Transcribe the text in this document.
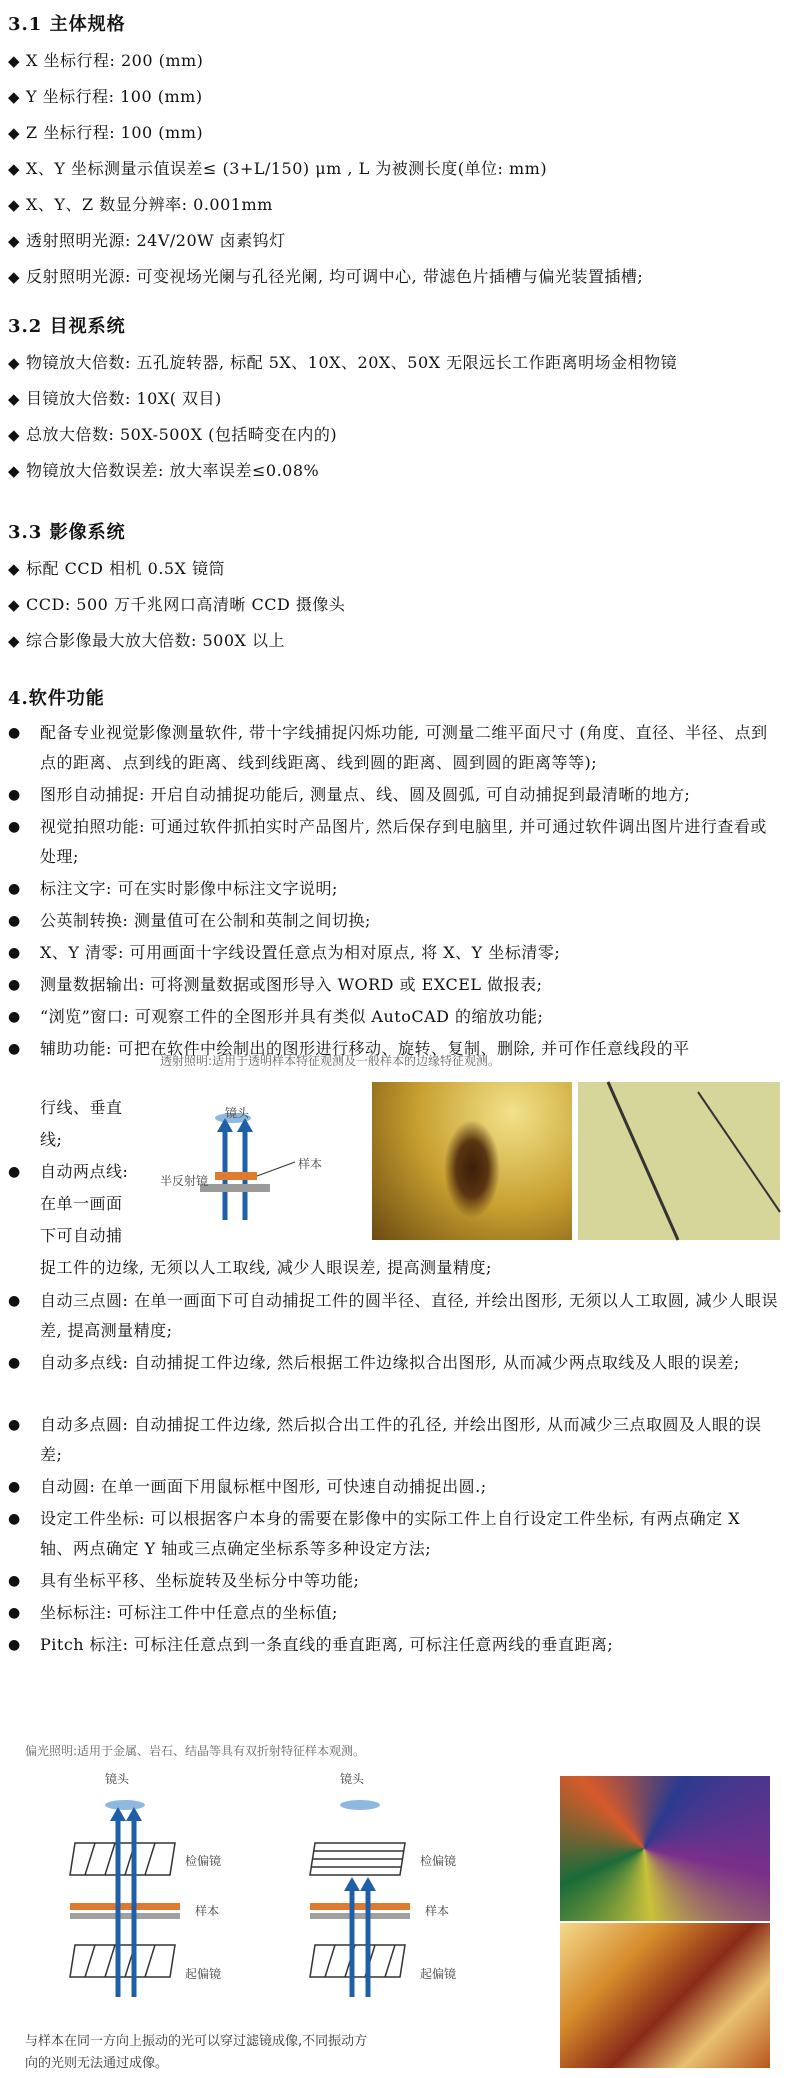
3.1 主体规格
◆ X 坐标行程: 200 (mm)
◆ Y 坐标行程: 100 (mm)
◆ Z 坐标行程: 100 (mm)
◆ X、Y 坐标测量示值误差≤ (3+L/150) μm , L 为被测长度(单位: mm)
◆ X、Y、Z 数显分辨率: 0.001mm
◆ 透射照明光源: 24V/20W 卤素钨灯
◆ 反射照明光源: 可变视场光阑与孔径光阑, 均可调中心, 带滤色片插槽与偏光装置插槽;
3.2 目视系统
◆ 物镜放大倍数: 五孔旋转器, 标配 5X、10X、20X、50X 无限远长工作距离明场金相物镜
◆ 目镜放大倍数: 10X( 双目)
◆ 总放大倍数: 50X-500X (包括畸变在内的)
◆ 物镜放大倍数误差: 放大率误差≤0.08%
3.3 影像系统
◆ 标配 CCD 相机 0.5X 镜筒
◆ CCD: 500 万千兆网口高清晰 CCD 摄像头
◆ 综合影像最大放大倍数: 500X 以上
4.软件功能
● 配备专业视觉影像测量软件, 带十字线捕捉闪烁功能, 可测量二维平面尺寸 (角度、直径、半径、点到点的距离、点到线的距离、线到线距离、线到圆的距离、圆到圆的距离等等);
● 图形自动捕捉: 开启自动捕捉功能后, 测量点、线、圆及圆弧, 可自动捕捉到最清晰的地方;
● 视觉拍照功能: 可通过软件抓拍实时产品图片, 然后保存到电脑里, 并可通过软件调出图片进行查看或处理;
● 标注文字: 可在实时影像中标注文字说明;
● 公英制转换: 测量值可在公制和英制之间切换;
● X、Y 清零: 可用画面十字线设置任意点为相对原点, 将 X、Y 坐标清零;
● 测量数据输出: 可将测量数据或图形导入 WORD 或 EXCEL 做报表;
● “浏览”窗口: 可观察工件的全图形并具有类似 AutoCAD 的缩放功能;
● 辅助功能: 可把在软件中绘制出的图形进行移动、旋转、复制、删除, 并可作任意线段的平
透射照明:适用于透明样本特征观测及一般样本的边缘特征观测。
镜头
样本
半反射镜
行线、垂直
线;
● 自动两点线:
在单一画面
下可自动捕
捉工件的边缘, 无须以人工取线, 减少人眼误差, 提高测量精度;
● 自动三点圆: 在单一画面下可自动捕捉工件的圆半径、直径, 并绘出图形, 无须以人工取圆, 减少人眼误差, 提高测量精度;
● 自动多点线: 自动捕捉工件边缘, 然后根据工件边缘拟合出图形, 从而减少两点取线及人眼的误差;
● 自动多点圆: 自动捕捉工件边缘, 然后拟合出工件的孔径, 并绘出图形, 从而减少三点取圆及人眼的误差;
● 自动圆: 在单一画面下用鼠标框中图形, 可快速自动捕捉出圆.;
● 设定工件坐标: 可以根据客户本身的需要在影像中的实际工件上自行设定工件坐标, 有两点确定 X 轴、两点确定 Y 轴或三点确定坐标系等多种设定方法;
● 具有坐标平移、坐标旋转及坐标分中等功能;
● 坐标标注: 可标注工件中任意点的坐标值;
● Pitch 标注: 可标注任意点到一条直线的垂直距离, 可标注任意两线的垂直距离;
偏光照明:适用于金属、岩石、结晶等具有双折射特征样本观测。
镜头
检偏镜
样本
起偏镜
镜头
检偏镜
样本
起偏镜
与样本在同一方向上振动的光可以穿过滤镜成像,不同振动方
向的光则无法通过成像。
